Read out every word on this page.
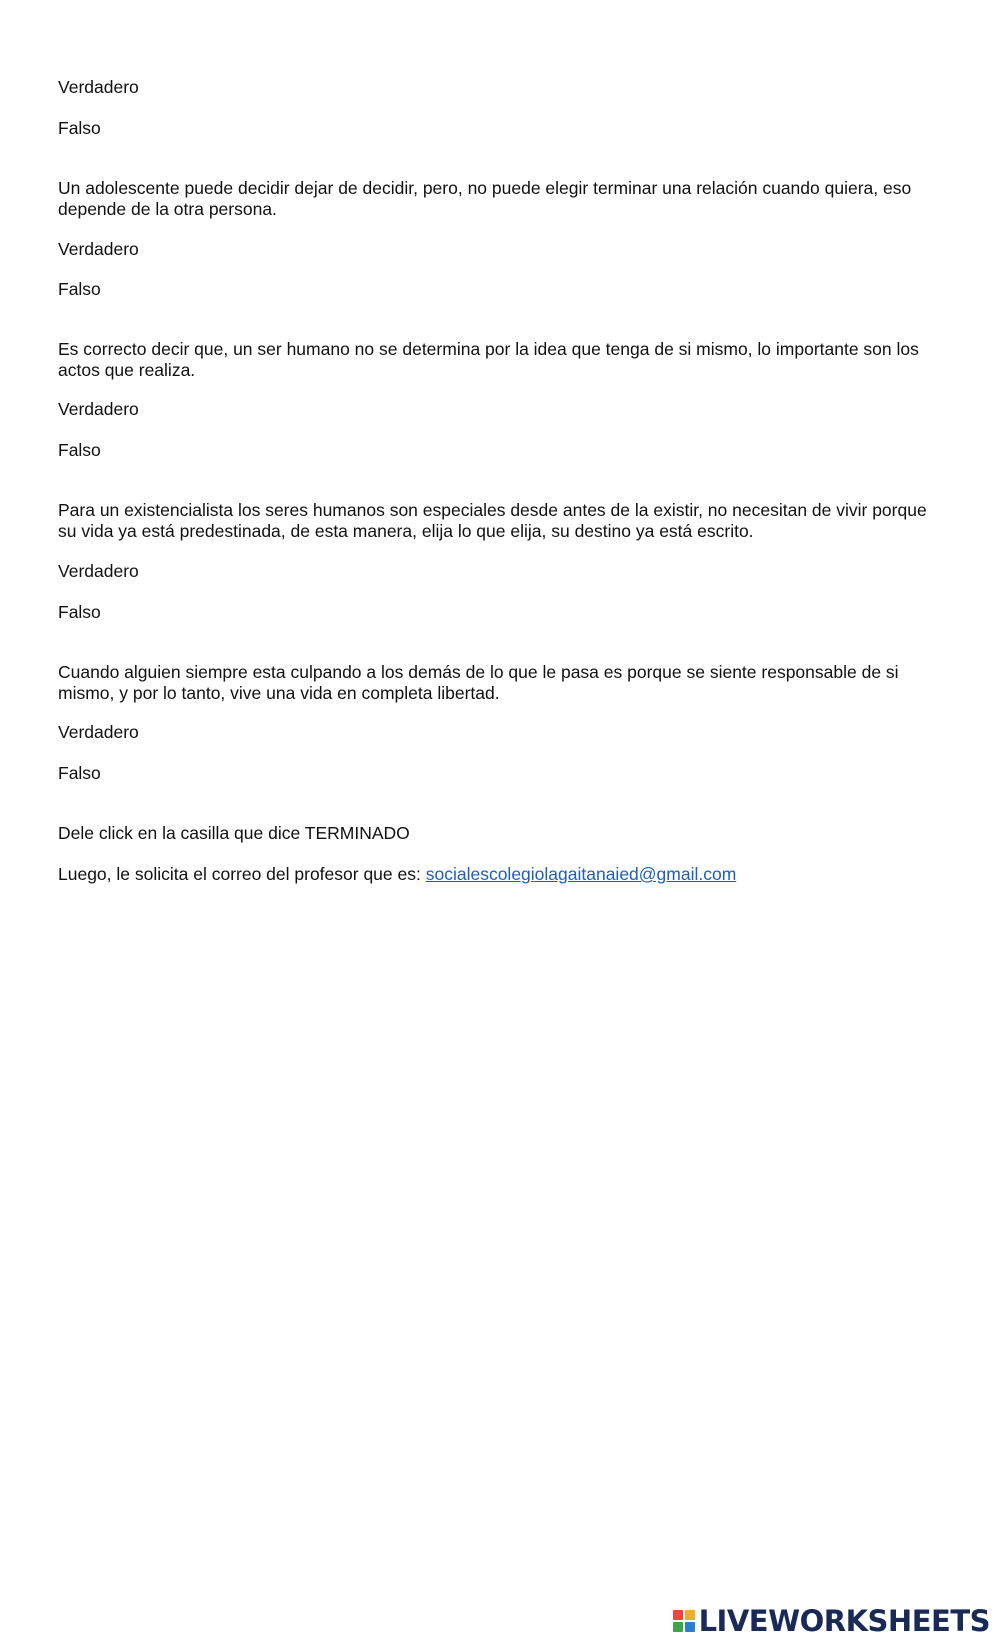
Verdadero
Falso
Un adolescente puede decidir dejar de decidir, pero, no puede elegir terminar una relación cuando quiera, eso depende de la otra persona.
Verdadero
Falso
Es correcto decir que, un ser humano no se determina por la idea que tenga de si mismo, lo importante son los actos que realiza.
Verdadero
Falso
Para un existencialista los seres humanos son especiales desde antes de la existir, no necesitan de vivir porque su vida ya está predestinada, de esta manera, elija lo que elija, su destino ya está escrito.
Verdadero
Falso
Cuando alguien siempre esta culpando a los demás de lo que le pasa es porque se siente responsable de si mismo, y por lo tanto, vive una vida en completa libertad.
Verdadero
Falso
Dele click en la casilla que dice TERMINADO
Luego, le solicita el correo del profesor que es: socialescolegiolagaitanaied@gmail.com
LIVEWORKSHEETS
